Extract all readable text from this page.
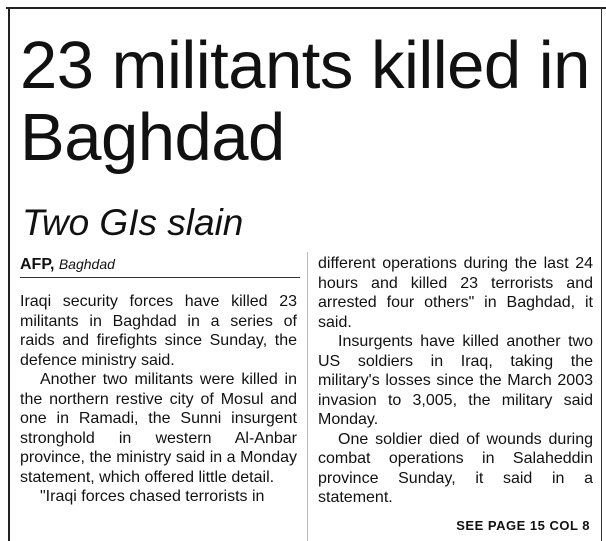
23 militants killed in Baghdad
Two GIs slain
AFP, Baghdad

Iraqi security forces have killed 23 militants in Baghdad in a series of raids and firefights since Sunday, the defence ministry said.

Another two militants were killed in the northern restive city of Mosul and one in Ramadi, the Sunni insurgent stronghold in western Al-Anbar province, the ministry said in a Monday statement, which offered little detail.

"Iraqi forces chased terrorists in

different operations during the last 24 hours and killed 23 terrorists and arrested four others" in Baghdad, it said.

Insurgents have killed another two US soldiers in Iraq, taking the military's losses since the March 2003 invasion to 3,005, the military said Monday.

One soldier died of wounds during combat operations in Salaheddin province Sunday, it said in a statement.

SEE PAGE 15 COL 8
